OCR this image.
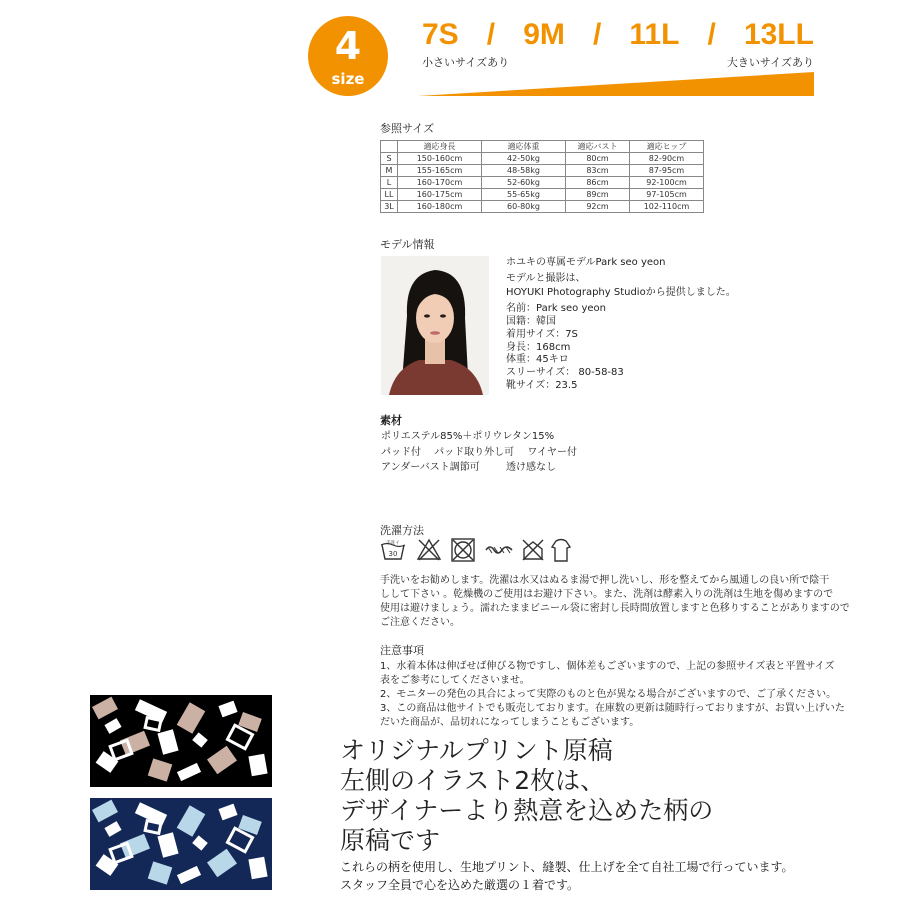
4
size
7S / 9M / 11L / 13LL
小さいサイズあり	大きいサイズあり
参照サイズ
	適応身長	適応体重	適応バスト	適応ヒップ
S	150-160cm	42-50kg	80cm	82-90cm
M	155-165cm	48-58kg	83cm	87-95cm
L	160-170cm	52-60kg	86cm	92-100cm
LL	160-175cm	55-65kg	89cm	97-105cm
3L	160-180cm	60-80kg	92cm	102-110cm
モデル情報
ホユキの専属モデルPark seo yeon
モデルと撮影は、
HOYUKI Photography Studioから提供しました。
名前：Park seo yeon
国籍：韓国
着用サイズ：7S
身長：168cm
体重：45キロ
スリーサイズ： 80-58-83
靴サイズ：23.5
素材
ポリエステル85%＋ポリウレタン15%
パッド付　 パッド取り外し可　 ワイヤー付
アンダーバスト調節可　　  透け感なし
洗濯方法
手洗イ
30
手洗いをお勧めします。洗濯は水又はぬるま湯で押し洗いし、形を整えてから風通しの良い所で陰干
しして下さい 。乾燥機のご使用はお避け下さい。また、洗剤は酵素入りの洗剤は生地を傷めますので
使用は避けましょう。濡れたままビニール袋に密封し長時間放置しますと色移りすることがありますので
ご注意ください。
注意事項
1、水着本体は伸ばせば伸びる物ですし、個体差もございますので、上記の参照サイズ表と平置サイズ
表をご参考にしてくださいませ。
2、モニターの発色の具合によって実際のものと色が異なる場合がございますので、ご了承ください。
3、この商品は他サイトでも販売しております。在庫数の更新は随時行っておりますが、お買い上げいた
だいた商品が、品切れになってしまうこともございます。
オリジナルプリント原稿
左側のイラスト2枚は、
デザイナーより熱意を込めた柄の
原稿です
これらの柄を使用し、生地プリント、縫製、仕上げを全て自社工場で行っています。
スタッフ全員で心を込めた厳選の１着です。
